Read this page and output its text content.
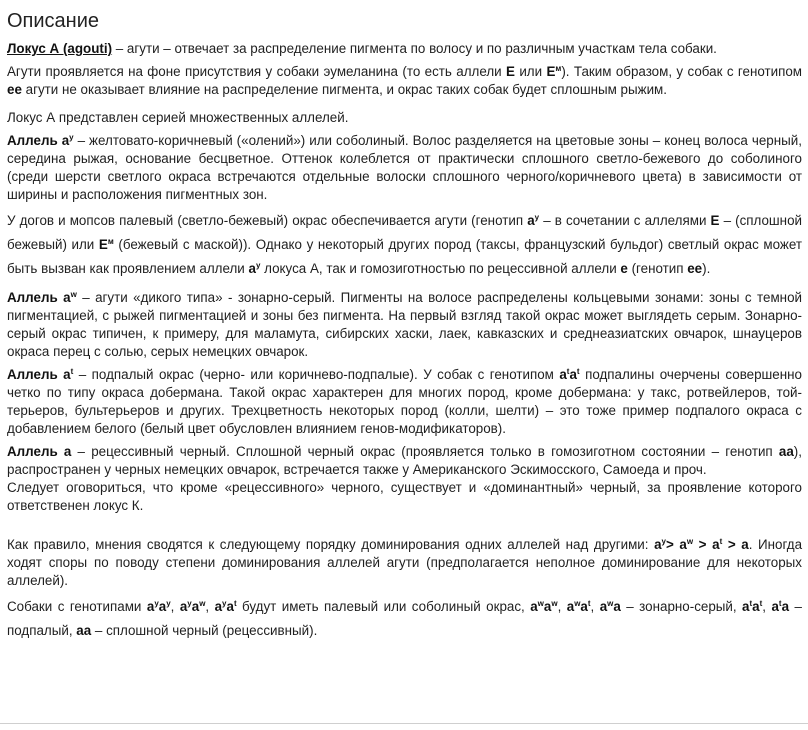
Описание

Локус А (agouti) – агути – отвечает за распределение пигмента по волосу и по различным участкам тела собаки.

Агути проявляется на фоне присутствия у собаки эумеланина (то есть аллели E или $E^м$). Таким образом, у собак с генотипом ee агути не оказывает влияние на распределение пигмента, и окрас таких собак будет сплошным рыжим.

Локус А представлен серией множественных аллелей.

Аллель $a^y$ – желтовато-коричневый («олений») или соболиный. Волос разделяется на цветовые зоны – конец волоса черный, середина рыжая, основание бесцветное. Оттенок колеблется от практически сплошного светло-бежевого до соболиного (среди шерсти светлого окраса встречаются отдельные волоски сплошного черного/коричневого цвета) в зависимости от ширины и расположения пигментных зон.

У догов и мопсов палевый (светло-бежевый) окрас обеспечивается агути (генотип $a^y$ – в сочетании с аллелями E – (сплошной бежевый) или $E^м$ (бежевый с маской)). Однако у некоторый других пород (таксы, французский бульдог) светлый окрас может быть вызван как проявлением аллели $a^y$ локуса А, так и гомозиготностью по рецессивной аллели e (генотип ee).

Аллель $a^w$ – агути «дикого типа» - зонарно-серый. Пигменты на волосе распределены кольцевыми зонами: зоны с темной пигментацией, с рыжей пигментацией и зоны без пигмента. На первый взгляд такой окрас может выглядеть серым. Зонарно-серый окрас типичен, к примеру, для маламута, сибирских хаски, лаек, кавказских и среднеазиатских овчарок, шнауцеров окраса перец с солью, серых немецких овчарок.

Аллель $a^t$ – подпалый окрас (черно- или коричнево-подпалые). У собак с генотипом $a^ta^t$ подпалины очерчены совершенно четко по типу окраса добермана. Такой окрас характерен для многих пород, кроме добермана: у такс, ротвейлеров, той-терьеров, бультерьеров и других. Трехцветность некоторых пород (колли, шелти) – это тоже пример подпалого окраса с добавлением белого (белый цвет обусловлен влиянием генов-модификаторов).

Аллель a – рецессивный черный. Сплошной черный окрас (проявляется только в гомозиготном состоянии – генотип aa), распространен у черных немецких овчарок, встречается также у Американского Эскимосского, Самоеда и проч.

Следует оговориться, что кроме «рецессивного» черного, существует и «доминантный» черный, за проявление которого ответственен локус К.

Как правило, мнения сводятся к следующему порядку доминирования одних аллелей над другими: $a^y> a^w > a^t > a$. Иногда ходят споры по поводу степени доминирования аллелей агути (предполагается неполное доминирование для некоторых аллелей).

Собаки с генотипами $a^ya^y$, $a^ya^w$, $a^ya^t$ будут иметь палевый или соболиный окрас, $a^wa^w$, $a^wa^t$, $a^wa$ – зонарно-серый, $a^ta^t$, $a^ta$ – подпалый, aa – сплошной черный (рецессивный).
